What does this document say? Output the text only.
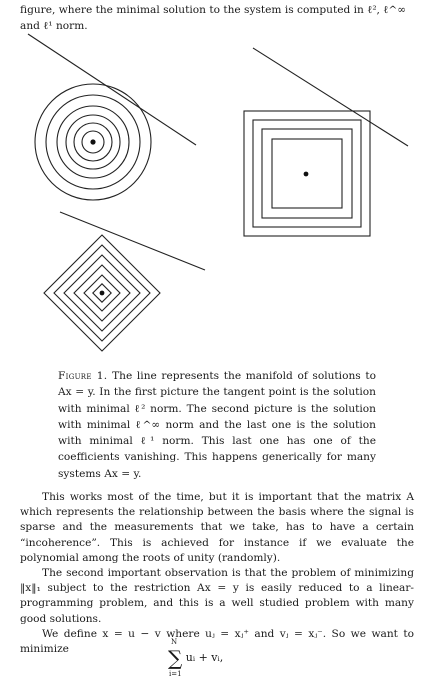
figure, where the minimal solution to the system is computed in ℓ², ℓ^∞
and ℓ¹ norm.
Figure 1. The line represents the manifold of solutions to Ax = y. In the first picture the tangent point is the solution with minimal ℓ² norm. The second picture is the solution with minimal ℓ^∞ norm and the last one is the solution with minimal ℓ¹ norm. This last one has one of the coefficients vanishing. This happens generically for many systems Ax = y.

This works most of the time, but it is important that the matrix A which represents the relationship between the basis where the signal is sparse and the measurements that we take, has to have a certain “incoherence”. This is achieved for instance if we evaluate the polynomial among the roots of unity (randomly).

The second important observation is that the problem of minimizing ‖x‖₁ subject to the restriction Ax = y is easily reduced to a linear-programming problem, and this is a well studied problem with many good solutions.

We define x = u − v where uⱼ = xⱼ⁺ and vⱼ = xⱼ⁻. So we want to minimize

N
∑ uᵢ + vᵢ,
i=1
